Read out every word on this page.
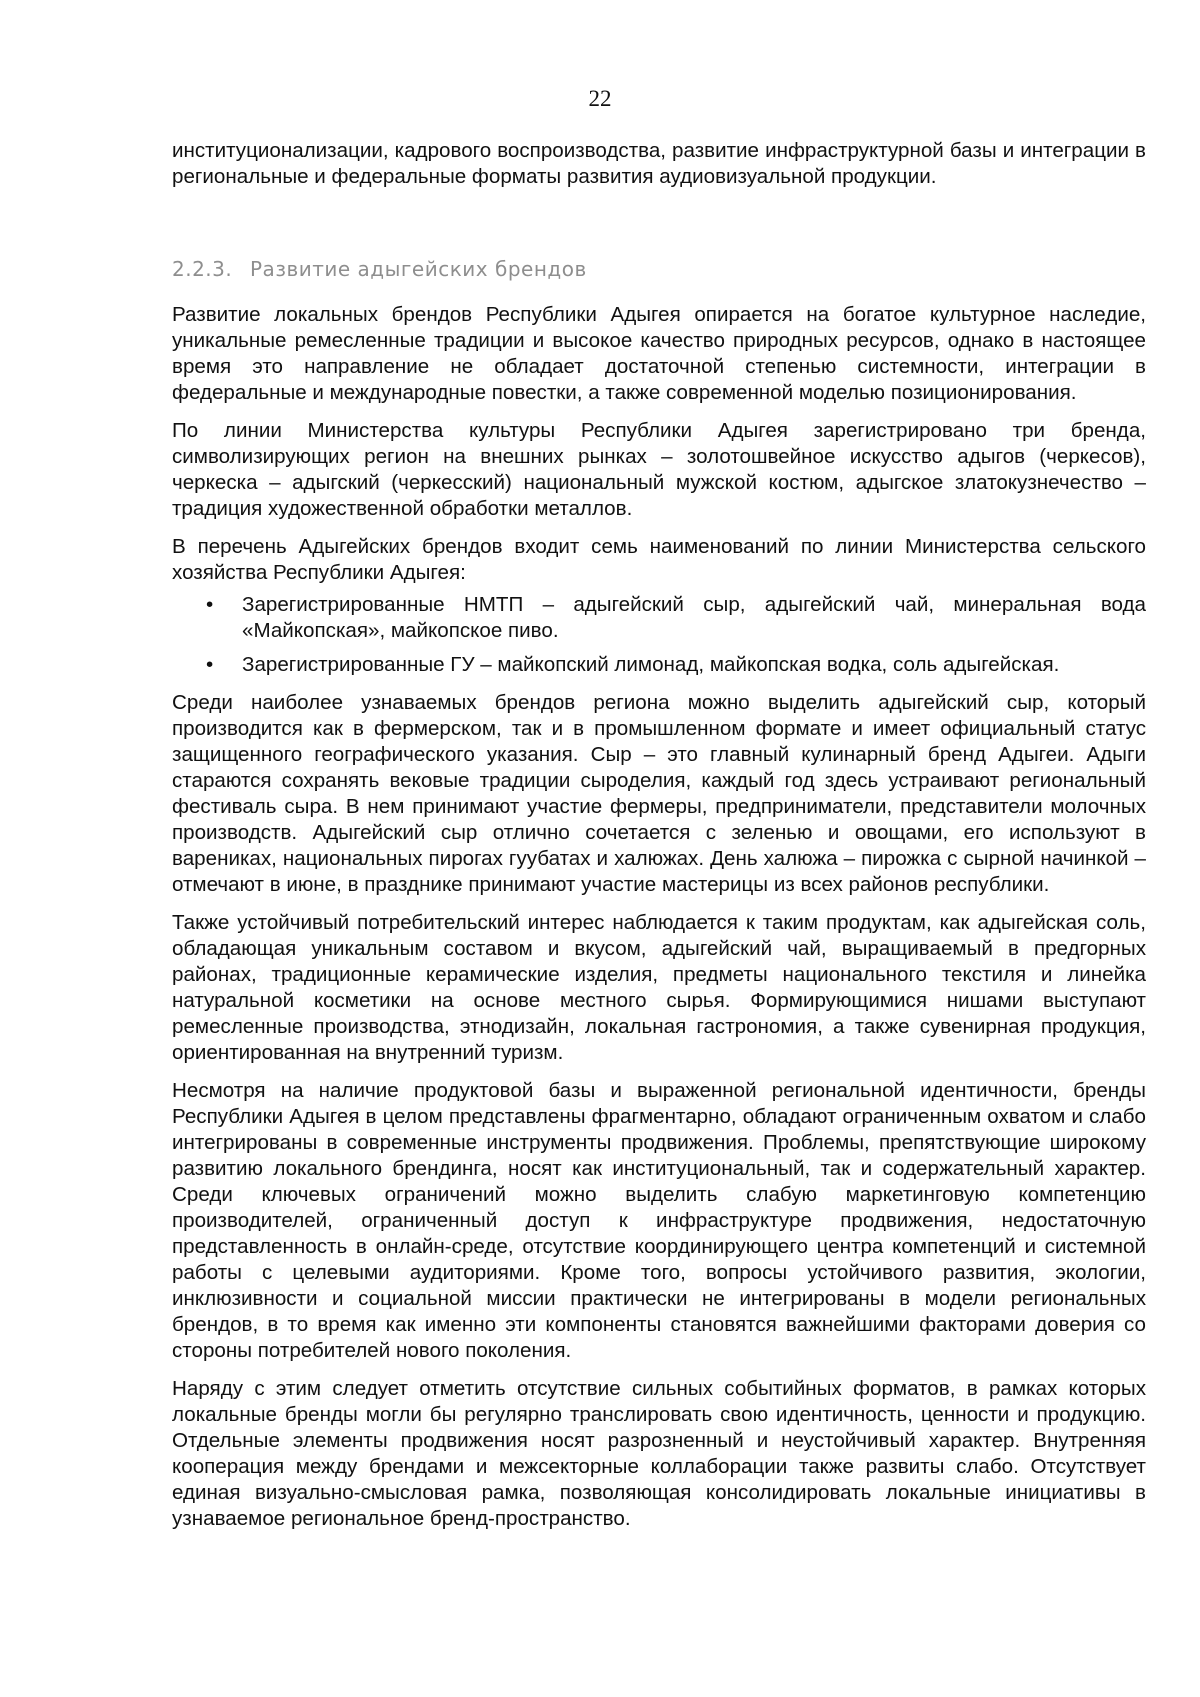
22

институционализации, кадрового воспроизводства, развитие инфраструктурной базы и интеграции в региональные и федеральные форматы развития аудиовизуальной продукции.

2.2.3. Развитие адыгейских брендов

Развитие локальных брендов Республики Адыгея опирается на богатое культурное наследие, уникальные ремесленные традиции и высокое качество природных ресурсов, однако в настоящее время это направление не обладает достаточной степенью системности, интеграции в федеральные и международные повестки, а также современной моделью позиционирования.

По линии Министерства культуры Республики Адыгея зарегистрировано три бренда, символизирующих регион на внешних рынках – золотошвейное искусство адыгов (черкесов), черкеска – адыгский (черкесский) национальный мужской костюм, адыгское златокузнечество – традиция художественной обработки металлов.

В перечень Адыгейских брендов входит семь наименований по линии Министерства сельского хозяйства Республики Адыгея:

• Зарегистрированные НМТП – адыгейский сыр, адыгейский чай, минеральная вода «Майкопская», майкопское пиво.
• Зарегистрированные ГУ – майкопский лимонад, майкопская водка, соль адыгейская.

Среди наиболее узнаваемых брендов региона можно выделить адыгейский сыр, который производится как в фермерском, так и в промышленном формате и имеет официальный статус защищенного географического указания. Сыр – это главный кулинарный бренд Адыгеи. Адыги стараются сохранять вековые традиции сыроделия, каждый год здесь устраивают региональный фестиваль сыра. В нем принимают участие фермеры, предприниматели, представители молочных производств. Адыгейский сыр отлично сочетается с зеленью и овощами, его используют в варениках, национальных пирогах гуубатах и халюжах. День халюжа – пирожка с сырной начинкой – отмечают в июне, в празднике принимают участие мастерицы из всех районов республики.

Также устойчивый потребительский интерес наблюдается к таким продуктам, как адыгейская соль, обладающая уникальным составом и вкусом, адыгейский чай, выращиваемый в предгорных районах, традиционные керамические изделия, предметы национального текстиля и линейка натуральной косметики на основе местного сырья. Формирующимися нишами выступают ремесленные производства, этнодизайн, локальная гастрономия, а также сувенирная продукция, ориентированная на внутренний туризм.

Несмотря на наличие продуктовой базы и выраженной региональной идентичности, бренды Республики Адыгея в целом представлены фрагментарно, обладают ограниченным охватом и слабо интегрированы в современные инструменты продвижения. Проблемы, препятствующие широкому развитию локального брендинга, носят как институциональный, так и содержательный характер. Среди ключевых ограничений можно выделить слабую маркетинговую компетенцию производителей, ограниченный доступ к инфраструктуре продвижения, недостаточную представленность в онлайн-среде, отсутствие координирующего центра компетенций и системной работы с целевыми аудиториями. Кроме того, вопросы устойчивого развития, экологии, инклюзивности и социальной миссии практически не интегрированы в модели региональных брендов, в то время как именно эти компоненты становятся важнейшими факторами доверия со стороны потребителей нового поколения.

Наряду с этим следует отметить отсутствие сильных событийных форматов, в рамках которых локальные бренды могли бы регулярно транслировать свою идентичность, ценности и продукцию. Отдельные элементы продвижения носят разрозненный и неустойчивый характер. Внутренняя кооперация между брендами и межсекторные коллаборации также развиты слабо. Отсутствует единая визуально-смысловая рамка, позволяющая консолидировать локальные инициативы в узнаваемое региональное бренд-пространство.
